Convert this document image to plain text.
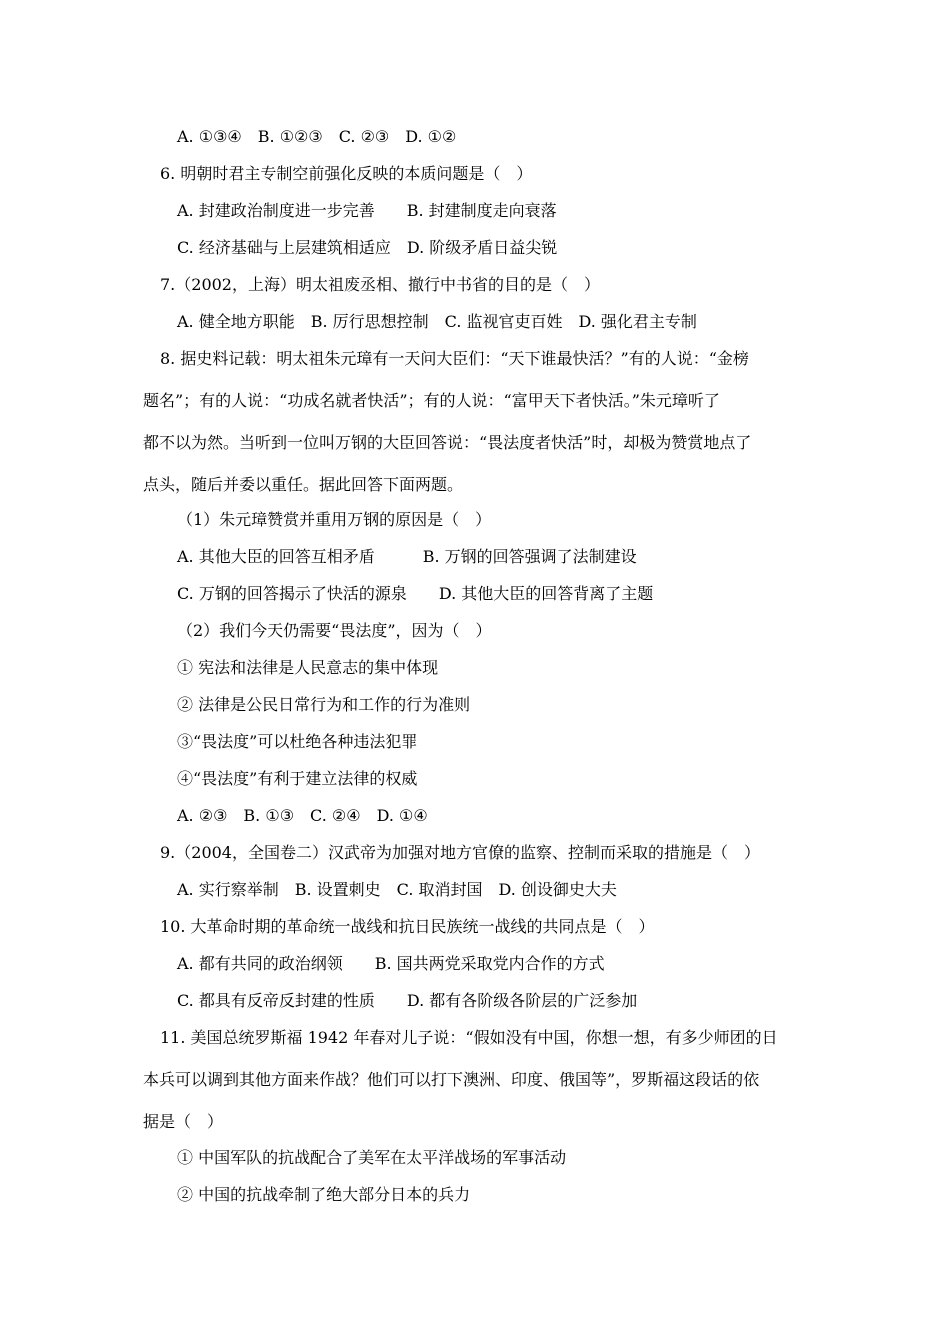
A. ①③④　B. ①②③　C. ②③　D. ①②
6. 明朝时君主专制空前强化反映的本质问题是（　）
A. 封建政治制度进一步完善　　B. 封建制度走向衰落
C. 经济基础与上层建筑相适应　D. 阶级矛盾日益尖锐
7.（2002，上海）明太祖废丞相、撤行中书省的目的是（　）
A. 健全地方职能　B. 厉行思想控制　C. 监视官吏百姓　D. 强化君主专制
8. 据史料记载：明太祖朱元璋有一天问大臣们：“天下谁最快活？”有的人说：“金榜
题名”；有的人说：“功成名就者快活”；有的人说：“富甲天下者快活。”朱元璋听了
都不以为然。当听到一位叫万钢的大臣回答说：“畏法度者快活”时，却极为赞赏地点了
点头，随后并委以重任。据此回答下面两题。
（1）朱元璋赞赏并重用万钢的原因是（　）
A. 其他大臣的回答互相矛盾　　　B. 万钢的回答强调了法制建设
C. 万钢的回答揭示了快活的源泉　　D. 其他大臣的回答背离了主题
（2）我们今天仍需要“畏法度”，因为（　）
① 宪法和法律是人民意志的集中体现
② 法律是公民日常行为和工作的行为准则
③“畏法度”可以杜绝各种违法犯罪
④“畏法度”有利于建立法律的权威
A. ②③　B. ①③　C. ②④　D. ①④
9.（2004，全国卷二）汉武帝为加强对地方官僚的监察、控制而采取的措施是（　）
A. 实行察举制　B. 设置刺史　C. 取消封国　D. 创设御史大夫
10. 大革命时期的革命统一战线和抗日民族统一战线的共同点是（　）
A. 都有共同的政治纲领　　B. 国共两党采取党内合作的方式
C. 都具有反帝反封建的性质　　D. 都有各阶级各阶层的广泛参加
11. 美国总统罗斯福 1942 年春对儿子说：“假如没有中国，你想一想，有多少师团的日
本兵可以调到其他方面来作战？他们可以打下澳洲、印度、俄国等”，罗斯福这段话的依
据是（　）
① 中国军队的抗战配合了美军在太平洋战场的军事活动
② 中国的抗战牵制了绝大部分日本的兵力
